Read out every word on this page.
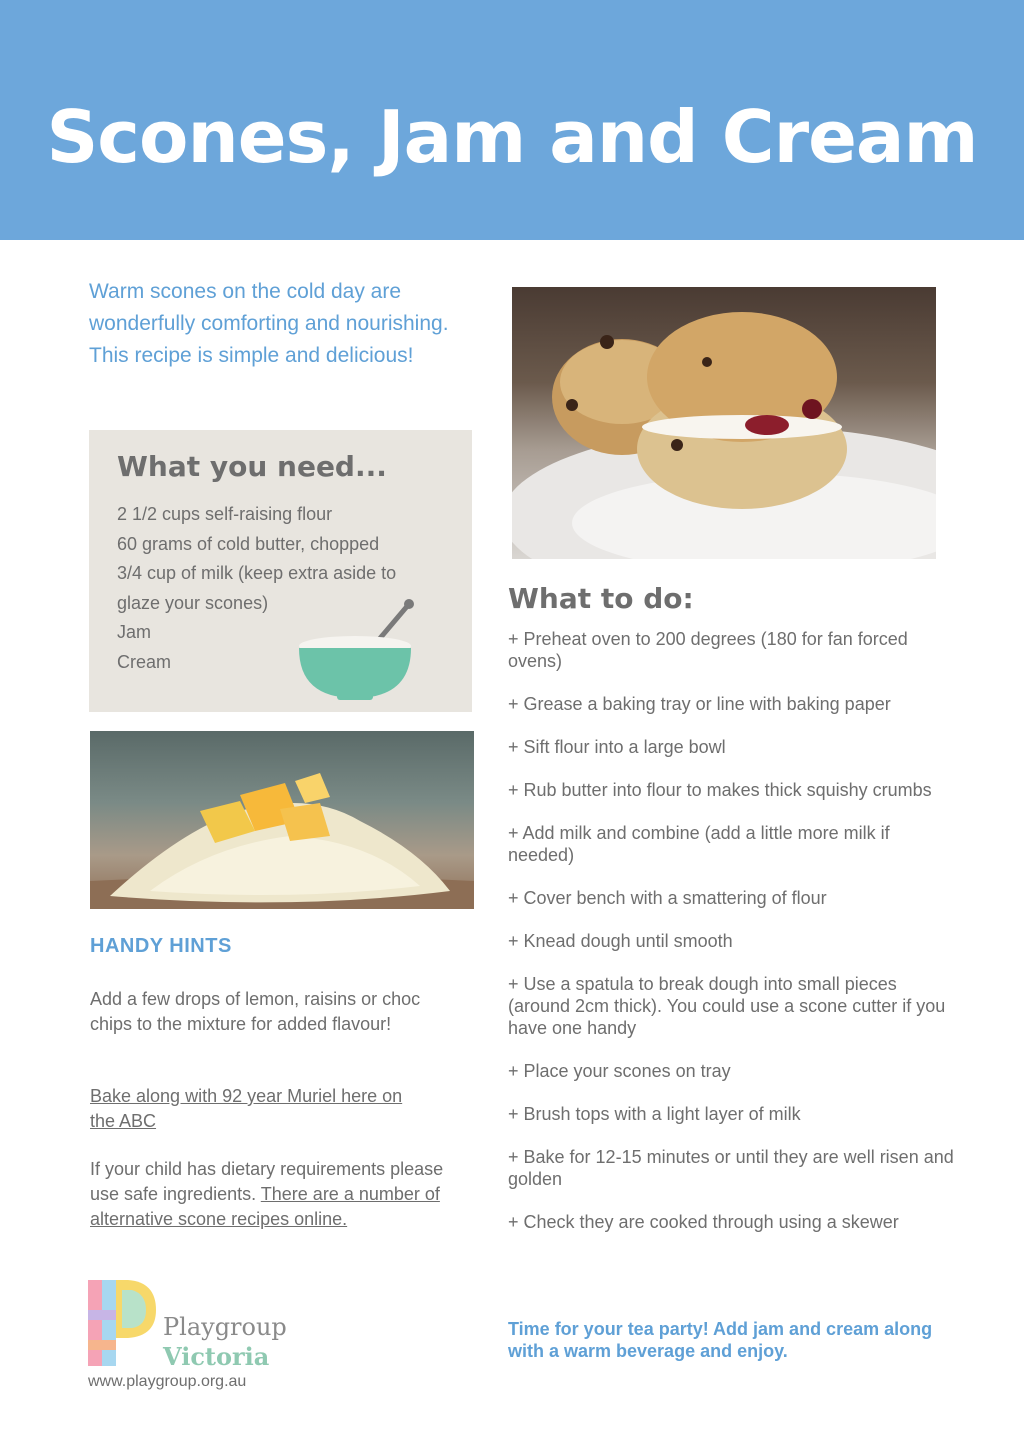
Scones, Jam and Cream
Warm scones on the cold day are wonderfully comforting and nourishing. This recipe is simple and delicious!
What you need...
2 1/2 cups self-raising flour
60 grams of cold butter, chopped
3/4 cup of milk (keep extra aside to glaze your scones)
Jam
Cream
HANDY HINTS
Add a few drops of lemon, raisins or choc chips to the mixture for added flavour!
Bake along with 92 year Muriel here on the ABC
If your child has dietary requirements please use safe ingredients. There are a number of alternative scone recipes online.
Playgroup
Victoria
www.playgroup.org.au
What to do:
+ Preheat oven to 200 degrees (180 for fan forced ovens)
+ Grease a baking tray or line with baking paper
+ Sift flour into a large bowl
+ Rub butter into flour to makes thick squishy crumbs
+ Add milk and combine (add a little more milk if needed)
+ Cover bench with a smattering of flour
+ Knead dough until smooth
+ Use a spatula to break dough into small pieces (around 2cm thick). You could use a scone cutter if you have one handy
+ Place your scones on tray
+ Brush tops with a light layer of milk
+ Bake for 12-15 minutes or until they are well risen and golden
+ Check they are cooked through using a skewer
Time for your tea party! Add jam and cream along with a warm beverage and enjoy.
